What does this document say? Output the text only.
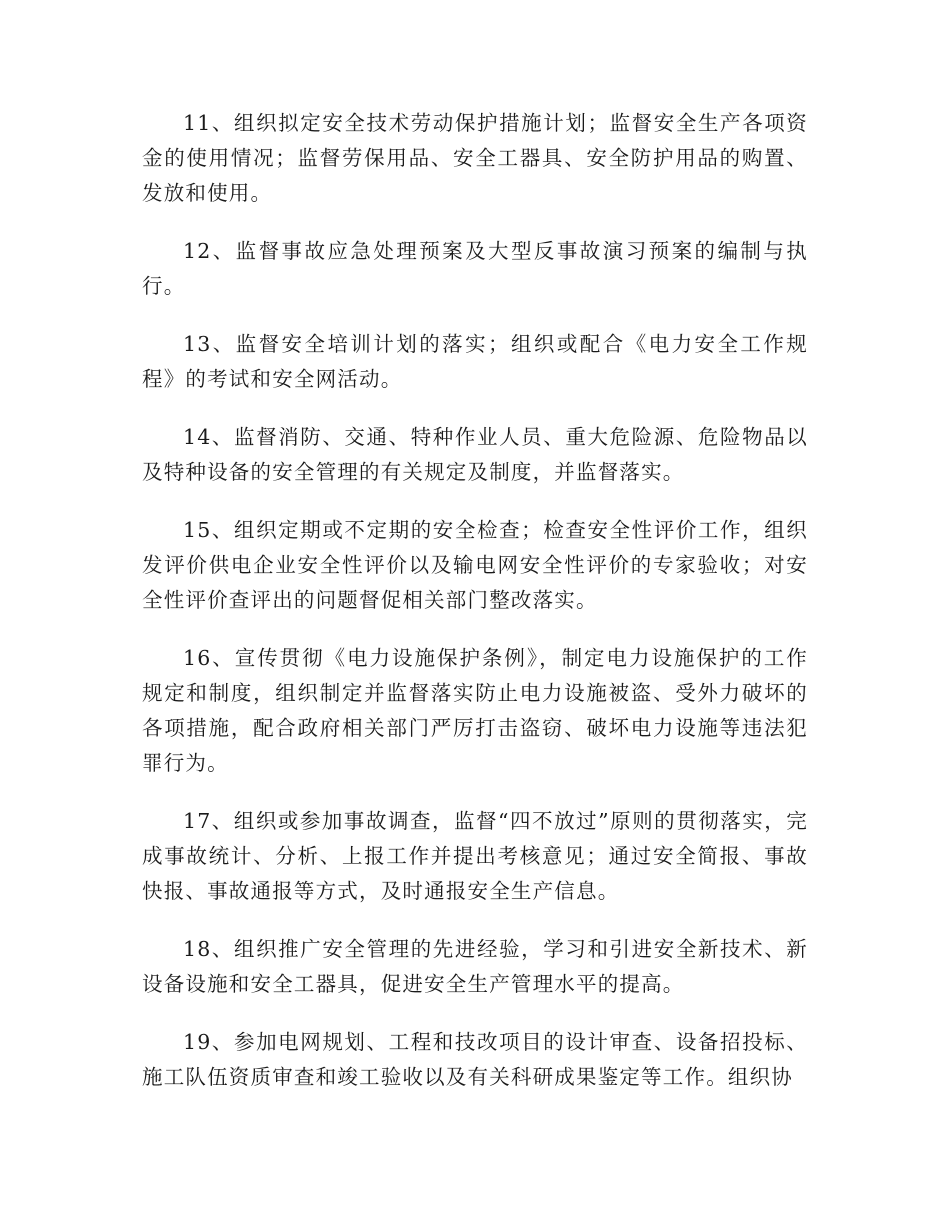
11、组织拟定安全技术劳动保护措施计划；监督安全生产各项资金的使用情况；监督劳保用品、安全工器具、安全防护用品的购置、发放和使用。

12、监督事故应急处理预案及大型反事故演习预案的编制与执行。

13、监督安全培训计划的落实；组织或配合《电力安全工作规程》的考试和安全网活动。

14、监督消防、交通、特种作业人员、重大危险源、危险物品以及特种设备的安全管理的有关规定及制度，并监督落实。

15、组织定期或不定期的安全检查；检查安全性评价工作，组织发评价供电企业安全性评价以及输电网安全性评价的专家验收；对安全性评价查评出的问题督促相关部门整改落实。

16、宣传贯彻《电力设施保护条例》，制定电力设施保护的工作规定和制度，组织制定并监督落实防止电力设施被盗、受外力破坏的各项措施，配合政府相关部门严厉打击盗窃、破坏电力设施等违法犯罪行为。

17、组织或参加事故调查，监督“四不放过”原则的贯彻落实，完成事故统计、分析、上报工作并提出考核意见；通过安全简报、事故快报、事故通报等方式，及时通报安全生产信息。

18、组织推广安全管理的先进经验，学习和引进安全新技术、新设备设施和安全工器具，促进安全生产管理水平的提高。

19、参加电网规划、工程和技改项目的设计审查、设备招投标、施工队伍资质审查和竣工验收以及有关科研成果鉴定等工作。组织协
